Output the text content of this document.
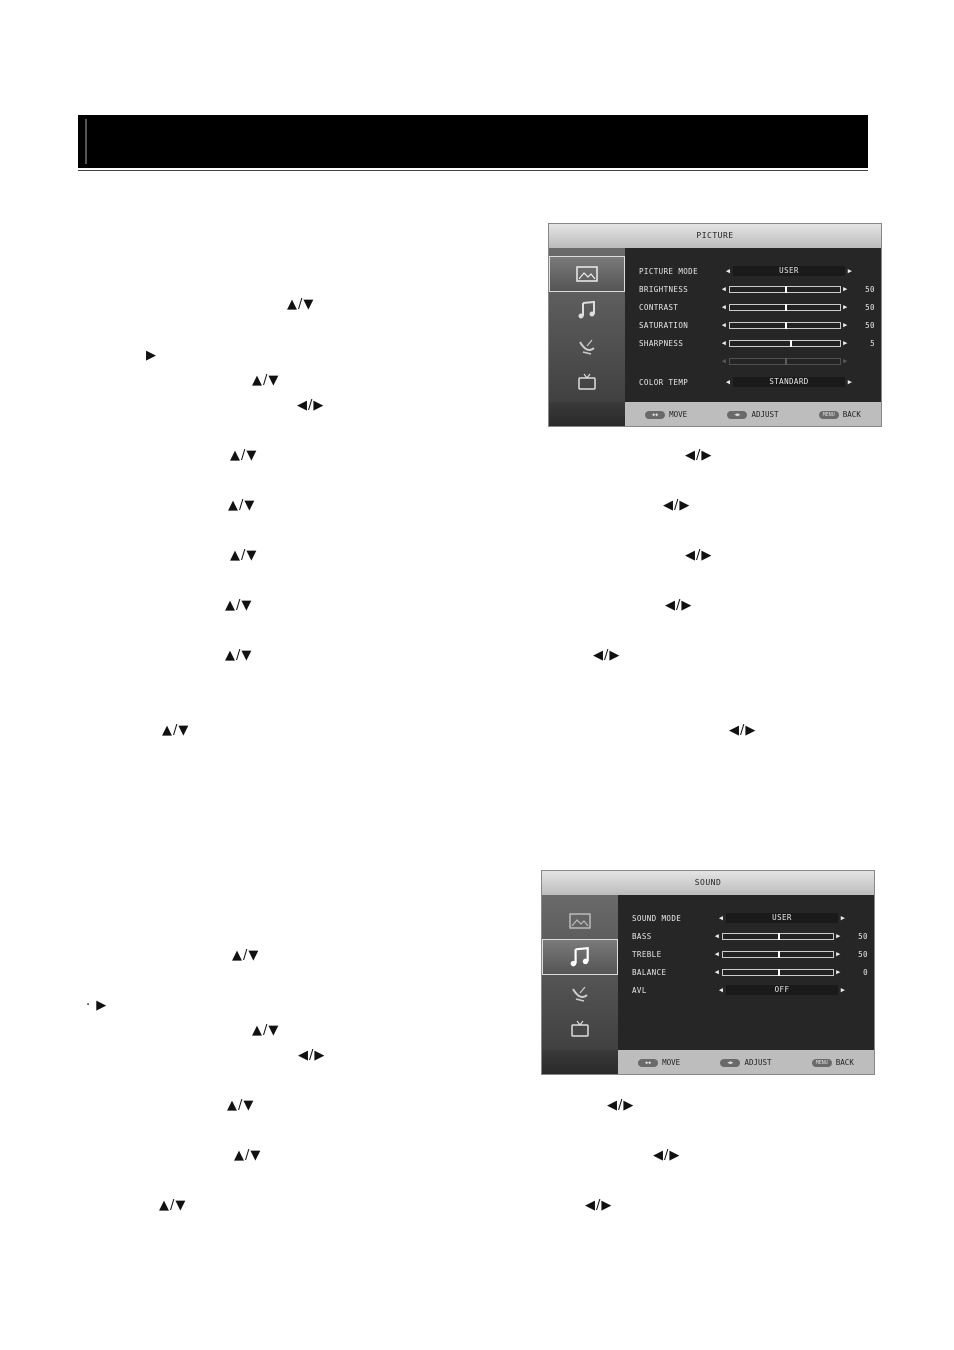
▲/▼
▶
▲/▼
◀/▶
▲/▼	◀/▶
▲/▼	◀/▶
▲/▼	◀/▶
▲/▼	◀/▶
▲/▼	◀/▶
▲/▼	◀/▶
▲/▼
· ▶
▲/▼
◀/▶
▲/▼	◀/▶
▲/▼	◀/▶
▲/▼	◀/▶
PICTURE
PICTURE MODE	◀	USER	▶
BRIGHTNESS	◀	▶	50
CONTRAST	◀	▶	50
SATURATION	◀	▶	50
SHARPNESS	◀	▶	5
◀	▶
COLOR TEMP	◀	STANDARD	▶
◆◆ MOVE	◀▶ ADJUST	MENU BACK
SOUND
SOUND MODE	◀	USER	▶
BASS	◀	▶	50
TREBLE	◀	▶	50
BALANCE	◀	▶	0
AVL	◀	OFF	▶
◆◆ MOVE	◀▶ ADJUST	MENU BACK
